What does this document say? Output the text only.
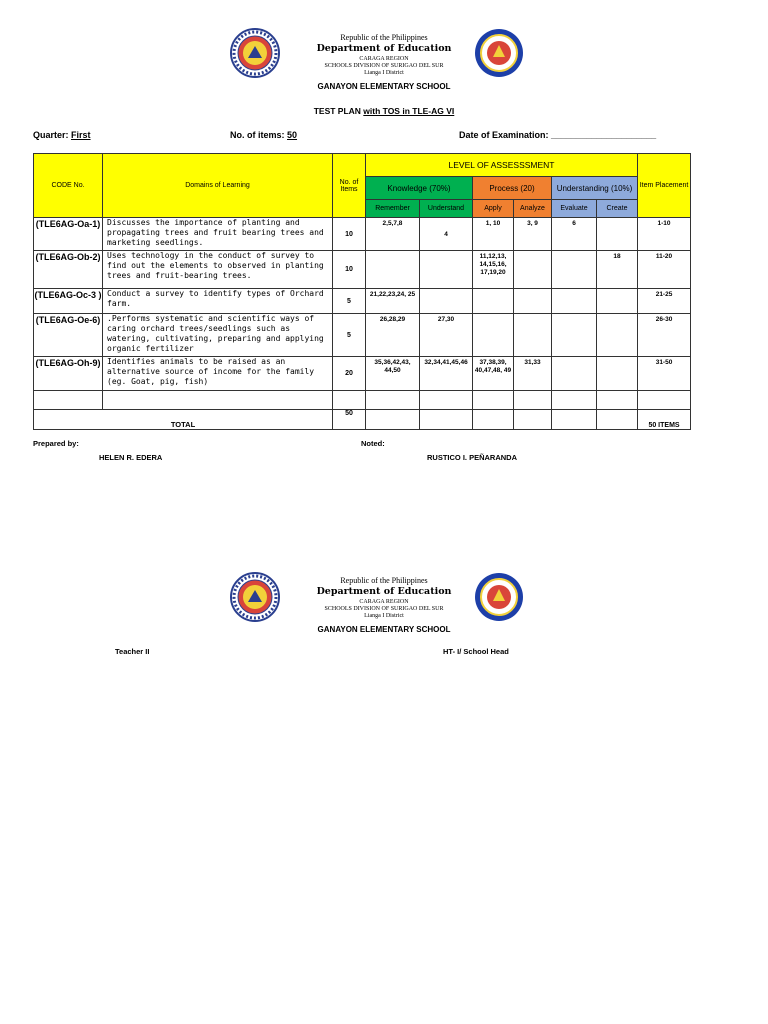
Republic of the Philippines
Department of Education
CARAGA REGION
SCHOOLS DIVISION OF SURIGAO DEL SUR
Lianga I District
GANAYON ELEMENTARY SCHOOL
TEST PLAN with TOS in TLE-AG VI
Quarter: First	No. of items: 50	Date of Examination: _____________________
CODE No.	Domains of Learning	No. of Items	LEVEL OF ASSESSSMENT						Item Placement
			Knowledge (70%)		Process (20)		Understanding (10%)		
			Remember	Understand	Apply	Analyze	Evaluate	Create	
(TLE6AG-Oa-1)	Discusses the importance of planting and propagating trees and fruit bearing trees and marketing seedlings.	10	2,5,7,8	4	1, 10	3, 9	6		1-10
(TLE6AG-Ob-2)	Uses technology in the conduct of survey to find out the elements to observed in planting trees and fruit-bearing trees.	10			11,12,13, 14,15,16, 17,19,20			18	11-20
(TLE6AG-Oc-3 )	Conduct a survey to identify types of Orchard farm.	5	21,22,23,24, 25						21-25
(TLE6AG-Oe-6)	.Performs systematic and scientific ways of caring orchard trees/seedlings such as watering, cultivating, preparing and applying organic fertilizer	5	26,28,29	27,30					26-30
(TLE6AG-Oh-9)	Identifies animals to be raised as an alternative source of income for the family (eg. Goat, pig, fish)	20	35,36,42,43, 44,50	32,34,41,45,46	37,38,39, 40,47,48, 49	31,33			31-50

TOTAL		50							50 ITEMS
Prepared by:	Noted:
HELEN R. EDERA	RUSTICO I. PEÑARANDA
Republic of the Philippines
Department of Education
CARAGA REGION
SCHOOLS DIVISION OF SURIGAO DEL SUR
Lianga I District
GANAYON ELEMENTARY SCHOOL
Teacher II	HT- I/ School Head
